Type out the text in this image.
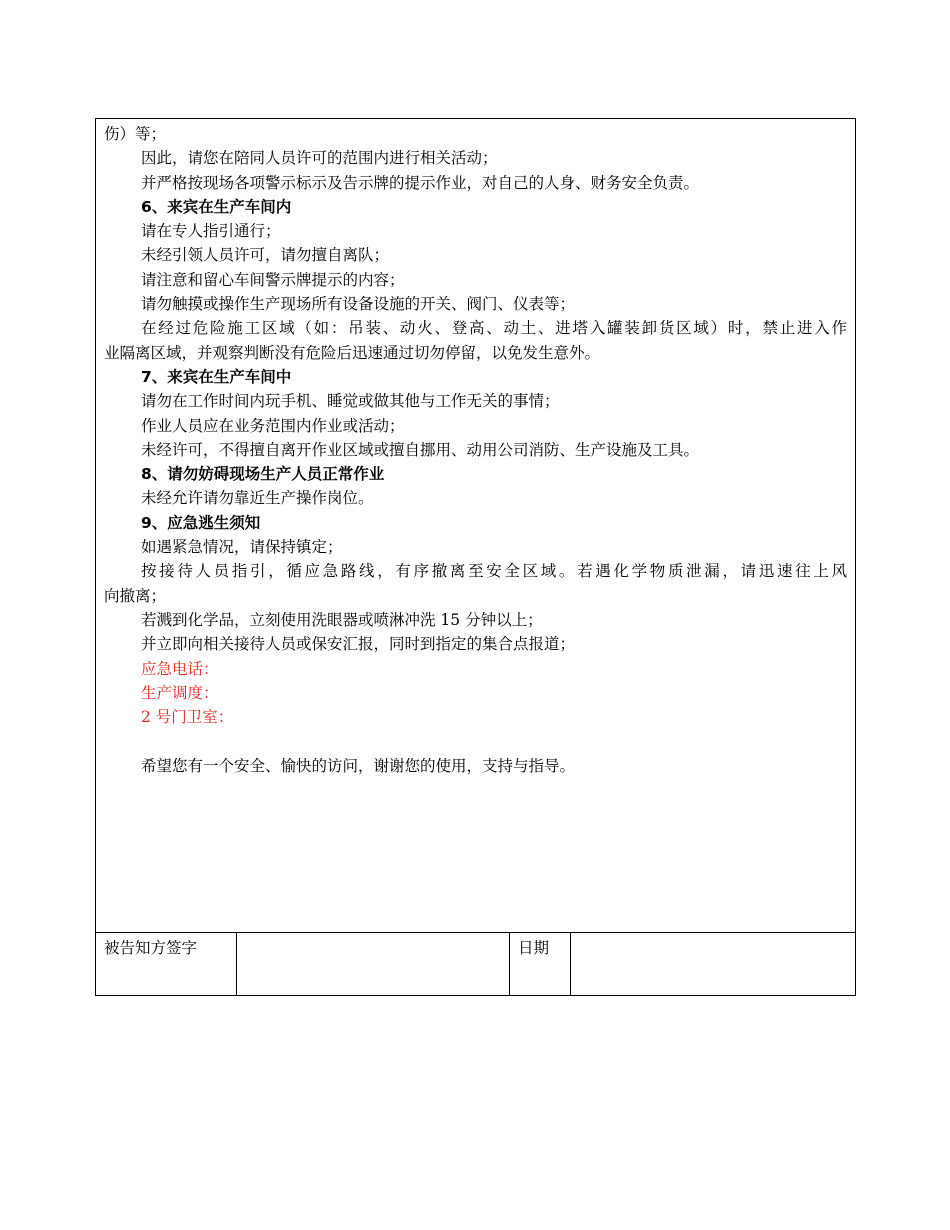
伤）等；
因此，请您在陪同人员许可的范围内进行相关活动；
并严格按现场各项警示标示及告示牌的提示作业，对自己的人身、财务安全负责。
6、来宾在生产车间内
请在专人指引通行；
未经引领人员许可，请勿擅自离队；
请注意和留心车间警示牌提示的内容；
请勿触摸或操作生产现场所有设备设施的开关、阀门、仪表等；
在经过危险施工区域（如：吊装、动火、登高、动土、进塔入罐装卸货区域）时，禁止进入作
业隔离区域，并观察判断没有危险后迅速通过切勿停留，以免发生意外。
7、来宾在生产车间中
请勿在工作时间内玩手机、睡觉或做其他与工作无关的事情；
作业人员应在业务范围内作业或活动；
未经许可，不得擅自离开作业区域或擅自挪用、动用公司消防、生产设施及工具。
8、请勿妨碍现场生产人员正常作业
未经允许请勿靠近生产操作岗位。
9、应急逃生须知
如遇紧急情况，请保持镇定；
按接待人员指引，循应急路线，有序撤离至安全区域。若遇化学物质泄漏，请迅速往上风
向撤离；
若溅到化学品，立刻使用洗眼器或喷淋冲洗 15 分钟以上；
并立即向相关接待人员或保安汇报，同时到指定的集合点报道；
应急电话：
生产调度：
2 号门卫室：
希望您有一个安全、愉快的访问，谢谢您的使用，支持与指导。
被告知方签字	日期
